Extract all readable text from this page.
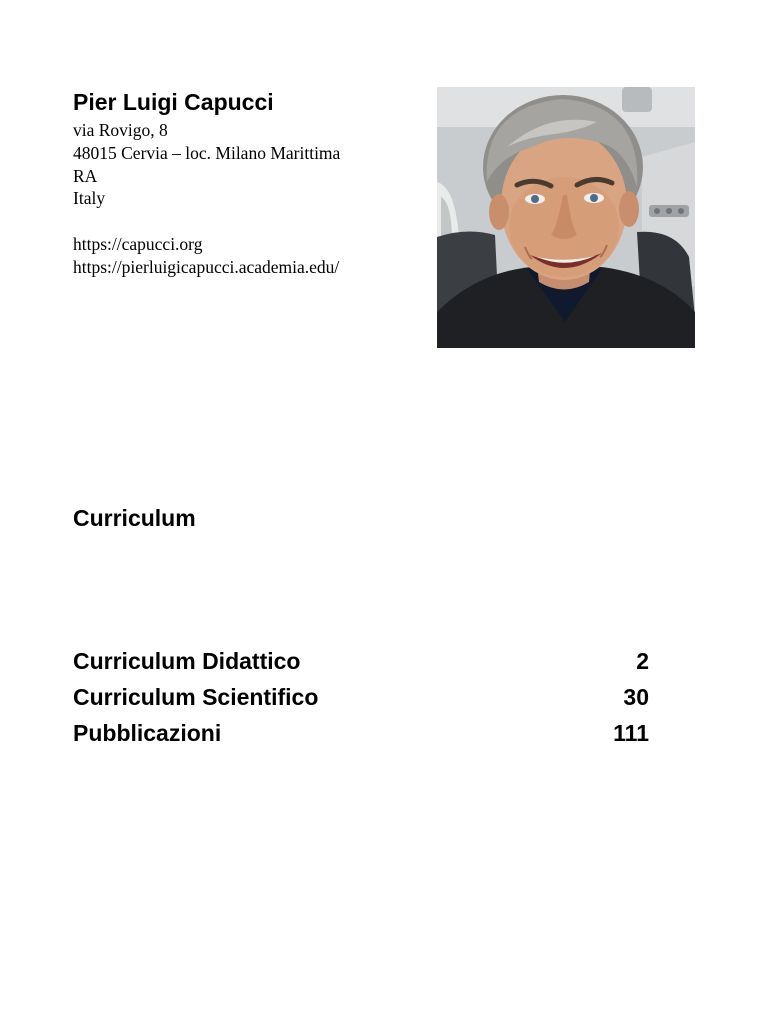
Pier Luigi Capucci
via Rovigo, 8
48015 Cervia – loc. Milano Marittima
RA
Italy
https://capucci.org
https://pierluigicapucci.academia.edu/
Curriculum
Curriculum Didattico	2
Curriculum Scientifico	30
Pubblicazioni	111
